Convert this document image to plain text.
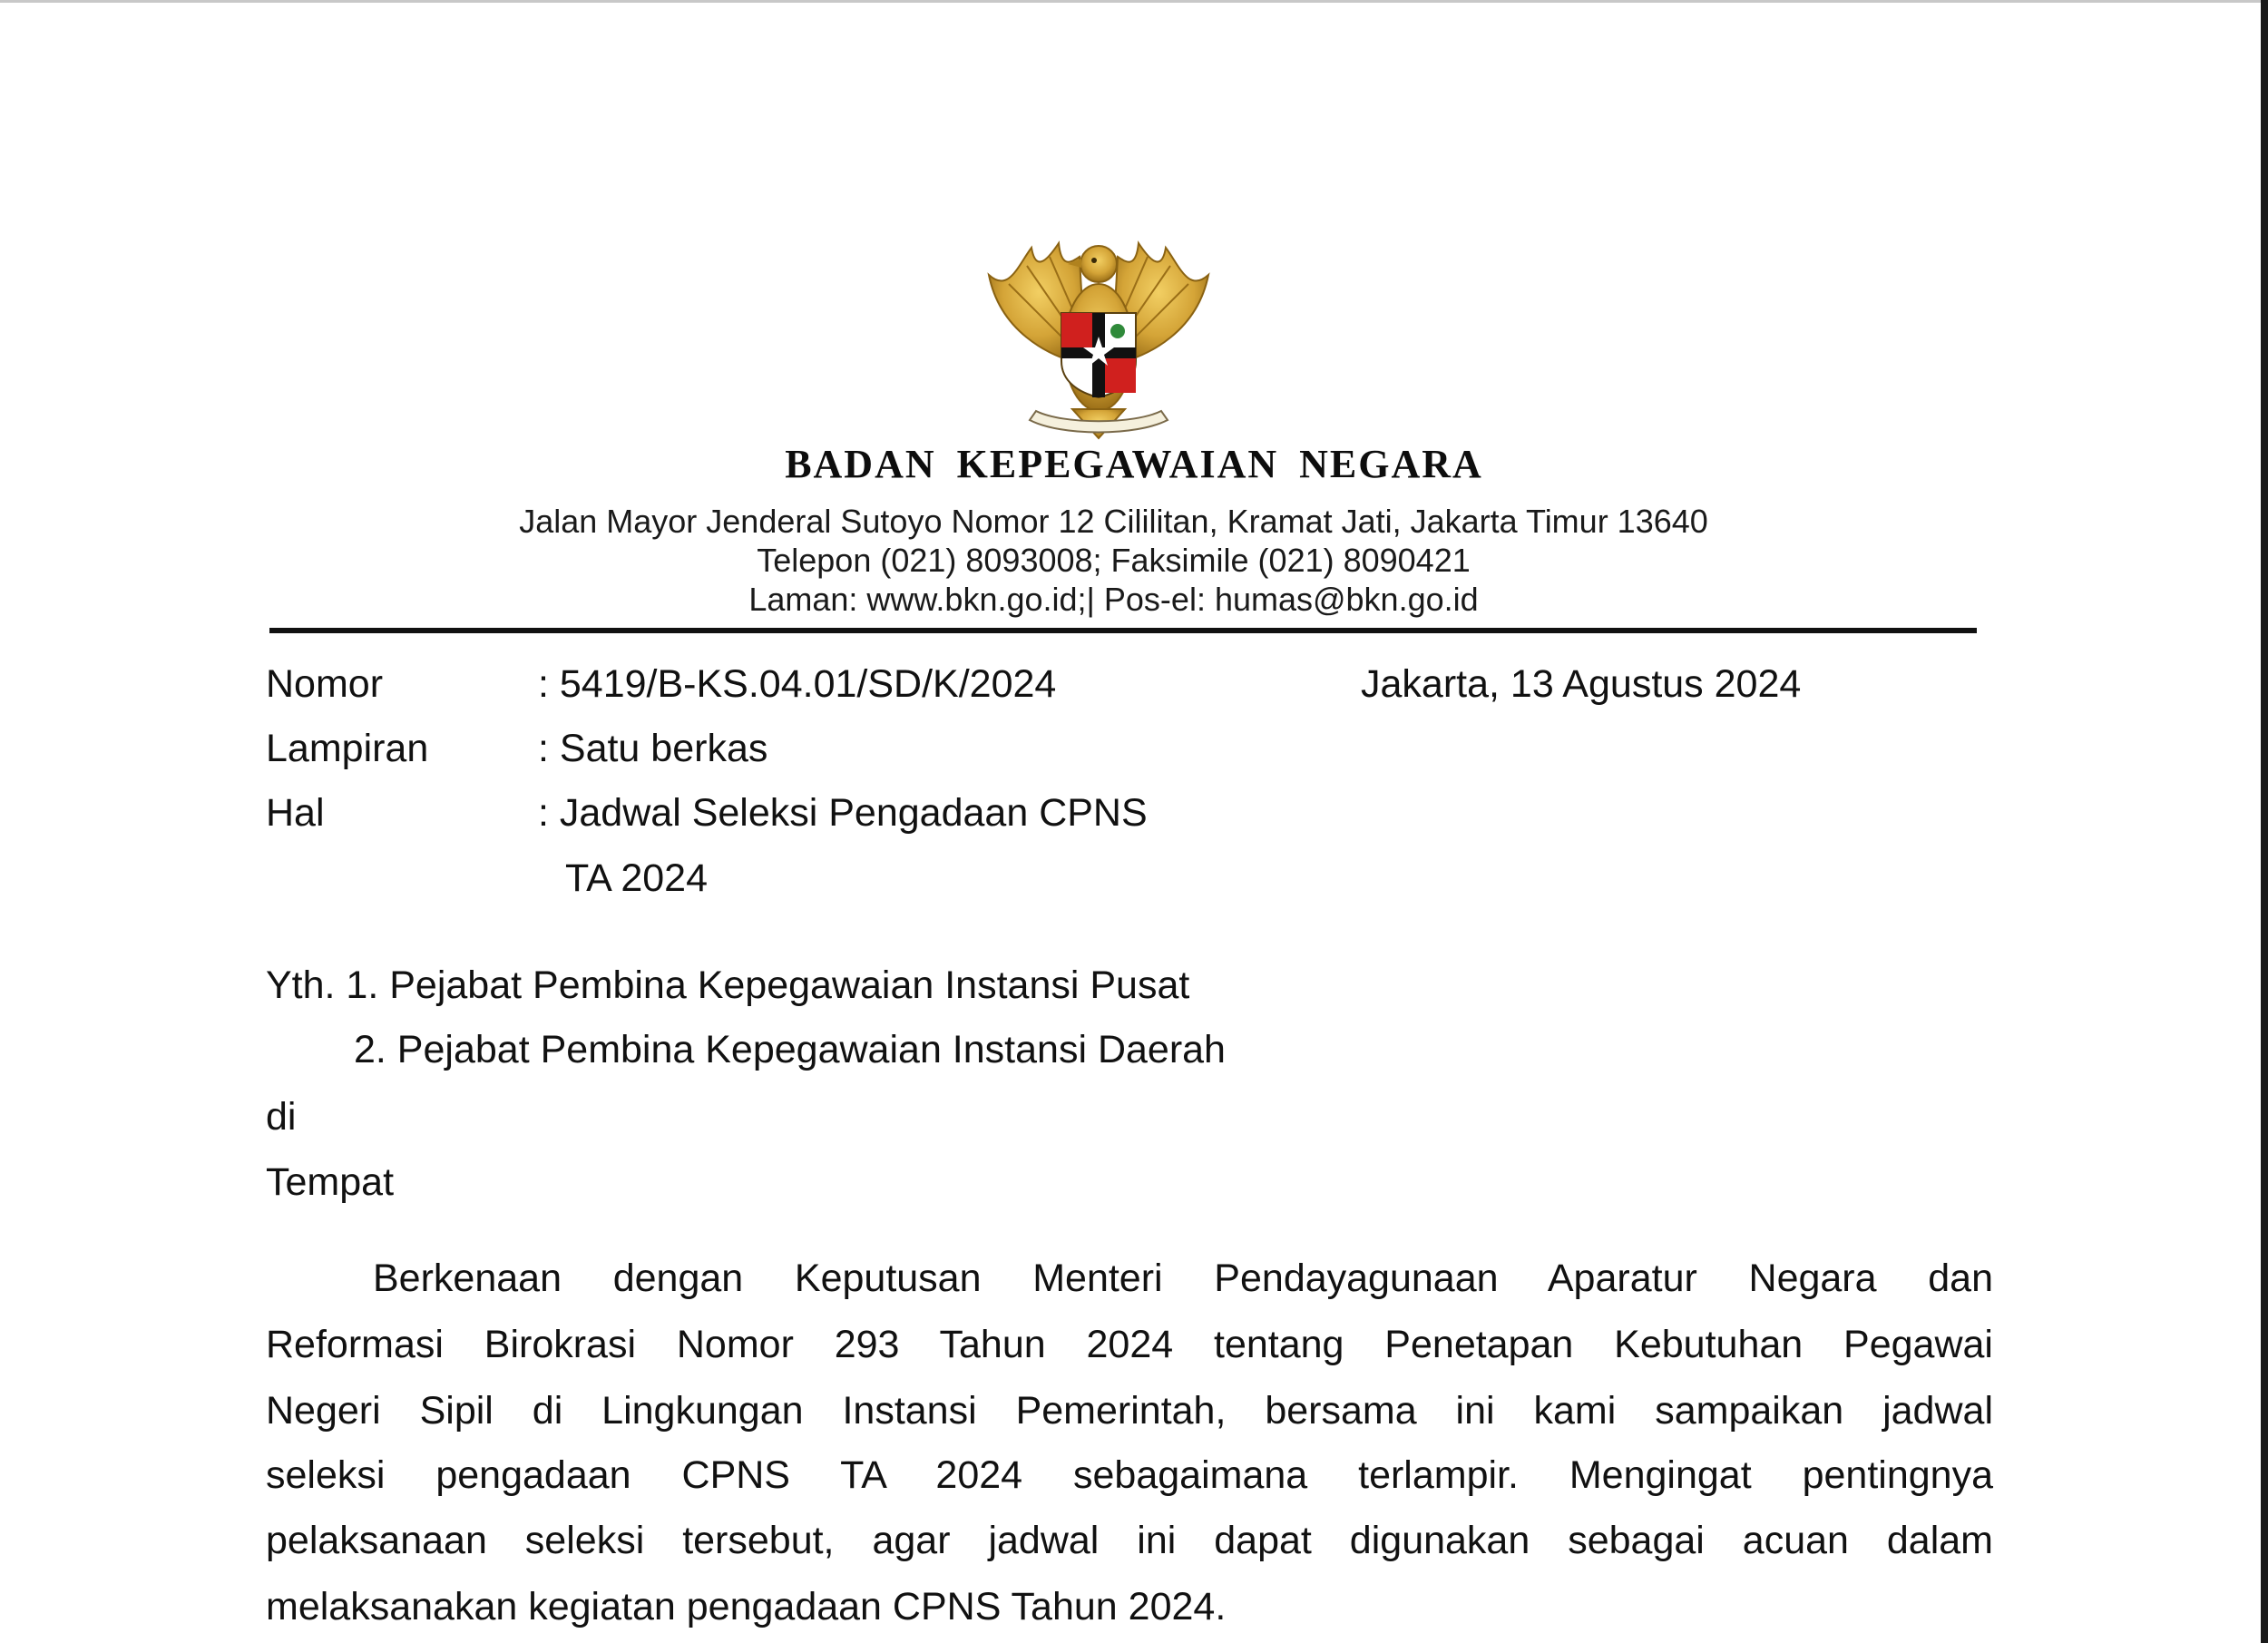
BADAN KEPEGAWAIAN NEGARA
Jalan Mayor Jenderal Sutoyo Nomor 12 Cililitan, Kramat Jati, Jakarta Timur 13640
Telepon (021) 8093008; Faksimile (021) 8090421
Laman: www.bkn.go.id;| Pos-el: humas@bkn.go.id
Nomor	: 5419/B-KS.04.01/SD/K/2024	Jakarta, 13 Agustus 2024
Lampiran	: Satu berkas
Hal	: Jadwal Seleksi Pengadaan CPNS
TA 2024
Yth. 1. Pejabat Pembina Kepegawaian Instansi Pusat
2. Pejabat Pembina Kepegawaian Instansi Daerah
di
Tempat
Berkenaan dengan Keputusan Menteri Pendayagunaan Aparatur Negara dan
Reformasi Birokrasi Nomor 293 Tahun 2024 tentang Penetapan Kebutuhan Pegawai
Negeri Sipil di Lingkungan Instansi Pemerintah, bersama ini kami sampaikan jadwal
seleksi pengadaan CPNS TA 2024 sebagaimana terlampir. Mengingat pentingnya
pelaksanaan seleksi tersebut, agar jadwal ini dapat digunakan sebagai acuan dalam
melaksanakan kegiatan pengadaan CPNS Tahun 2024.
